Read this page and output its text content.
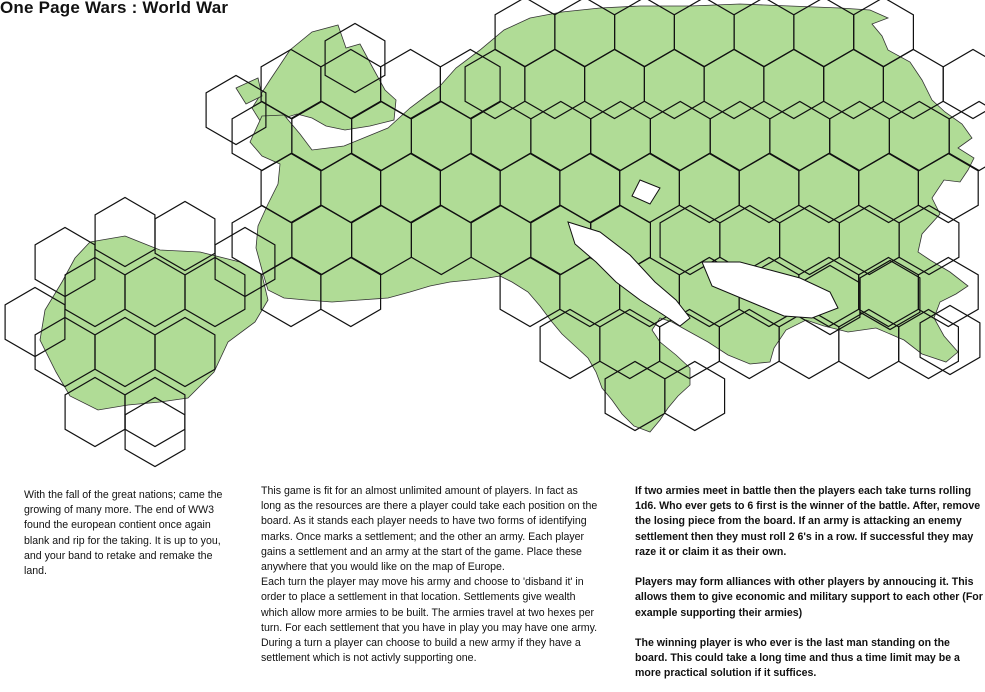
One Page Wars : World War

With the fall of the great nations; came the growing of many more. The end of WW3 found the european contient once again blank and rip for the taking. It is up to you, and your band to retake and remake the land.

This game is fit for an almost unlimited amount of players. In fact as long as the resources are there a player could take each position on the board. As it stands each player needs to have two forms of identifying marks. Once marks a settlement; and the other an army. Each player gains a settlement and an army at the start of the game. Place these anywhere that you would like on the map of Europe.

Each turn the player may move his army and choose to 'disband it' in order to place a settlement in that location. Settlements give wealth which allow more armies to be built. The armies travel at two hexes per turn. For each settlement that you have in play you may have one army. During a turn a player can choose to build a new army if they have a settlement which is not activly supporting one.

If two armies meet in battle then the players each take turns rolling 1d6. Who ever gets to 6 first is the winner of the battle. After, remove the losing piece from the board. If an army is attacking an enemy settlement then they must roll 2 6's in a row. If successful they may raze it or claim it as their own.

Players may form alliances with other players by annoucing it. This allows them to give economic and military support to each other (For example supporting their armies)

The winning player is who ever is the last man standing on the board. This could take a long time and thus a time limit may be a more practical solution if it suffices.
